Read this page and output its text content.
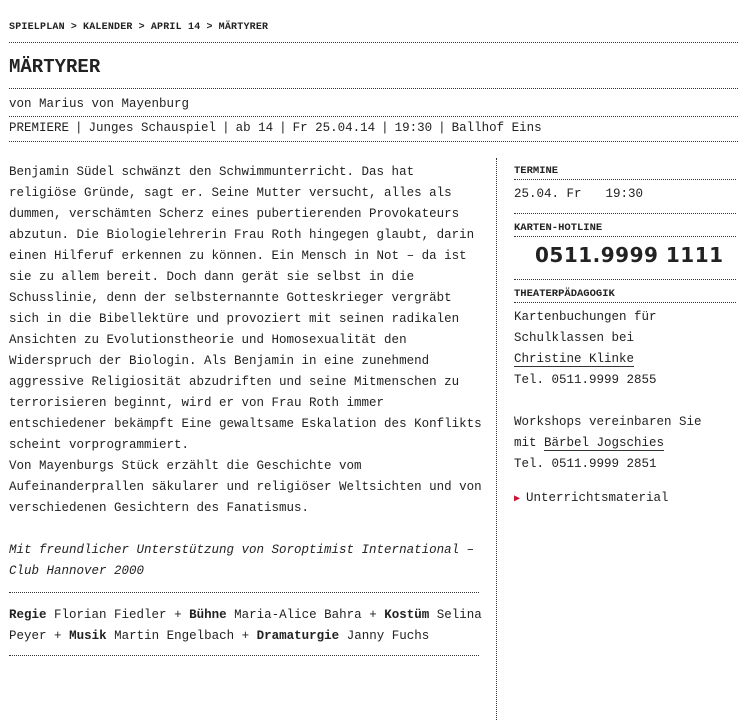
SPIELPLAN > KALENDER > APRIL 14 > MÄRTYRER
MÄRTYRER
von Marius von Mayenburg
PREMIERE | Junges Schauspiel | ab 14 | Fr 25.04.14 | 19:30 | Ballhof Eins

Benjamin Südel schwänzt den Schwimmunterricht. Das hat religiöse Gründe, sagt er. Seine Mutter versucht, alles als dummen, verschämten Scherz eines pubertierenden Provokateurs abzutun. Die Biologielehrerin Frau Roth hingegen glaubt, darin einen Hilferuf erkennen zu können. Ein Mensch in Not – da ist sie zu allem bereit. Doch dann gerät sie selbst in die Schusslinie, denn der selbsternannte Gotteskrieger vergräbt sich in die Bibellektüre und provoziert mit seinen radikalen Ansichten zu Evolutionstheorie und Homosexualität den Widerspruch der Biologin. Als Benjamin in eine zunehmend aggressive Religiosität abzudriften und seine Mitmenschen zu terrorisieren beginnt, wird er von Frau Roth immer entschiedener bekämpft Eine gewaltsame Eskalation des Konflikts scheint vorprogrammiert.

Von Mayenburgs Stück erzählt die Geschichte vom Aufeinanderprallen säkularer und religiöser Weltsichten und von verschiedenen Gesichtern des Fanatismus.

Mit freundlicher Unterstützung von Soroptimist International – Club Hannover 2000

Regie Florian Fiedler + Bühne Maria-Alice Bahra + Kostüm Selina Peyer + Musik Martin Engelbach + Dramaturgie Janny Fuchs

TERMINE
25.04. Fr 19:30
KARTEN-HOTLINE
0511.9999 1111
THEATERPÄDAGOGIK
Kartenbuchungen für
Schulklassen bei
Christine Klinke
Tel. 0511.9999 2855
Workshops vereinbaren Sie
mit Bärbel Jogschies
Tel. 0511.9999 2851
▶ Unterrichtsmaterial
